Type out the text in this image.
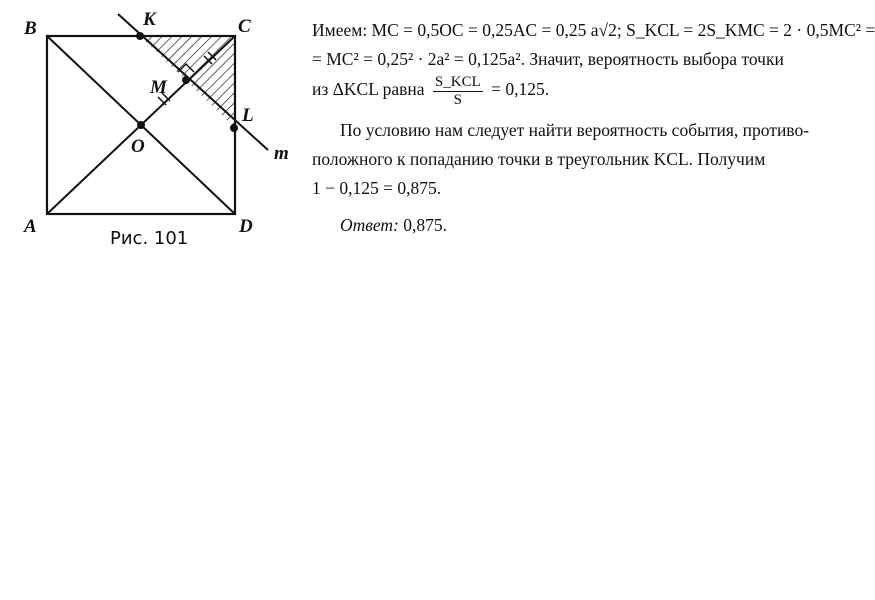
B	K	C
M
L
O	m
A	D
Рис. 101
Имеем: MC = 0,5OC = 0,25AC = 0,25 a√2; S_KCL = 2S_KMC = 2 · 0,5MC² =
= MC² = 0,25² · 2a² = 0,125a². Значит, вероятность выбора точки
из ΔKCL равна $\frac{\text{S\_KCL}}{S} = 0,125$.
По условию нам следует найти вероятность события, противо-
положного к попаданию точки в треугольник KCL. Получим
1 − 0,125 = 0,875.
Ответ: 0,875.
